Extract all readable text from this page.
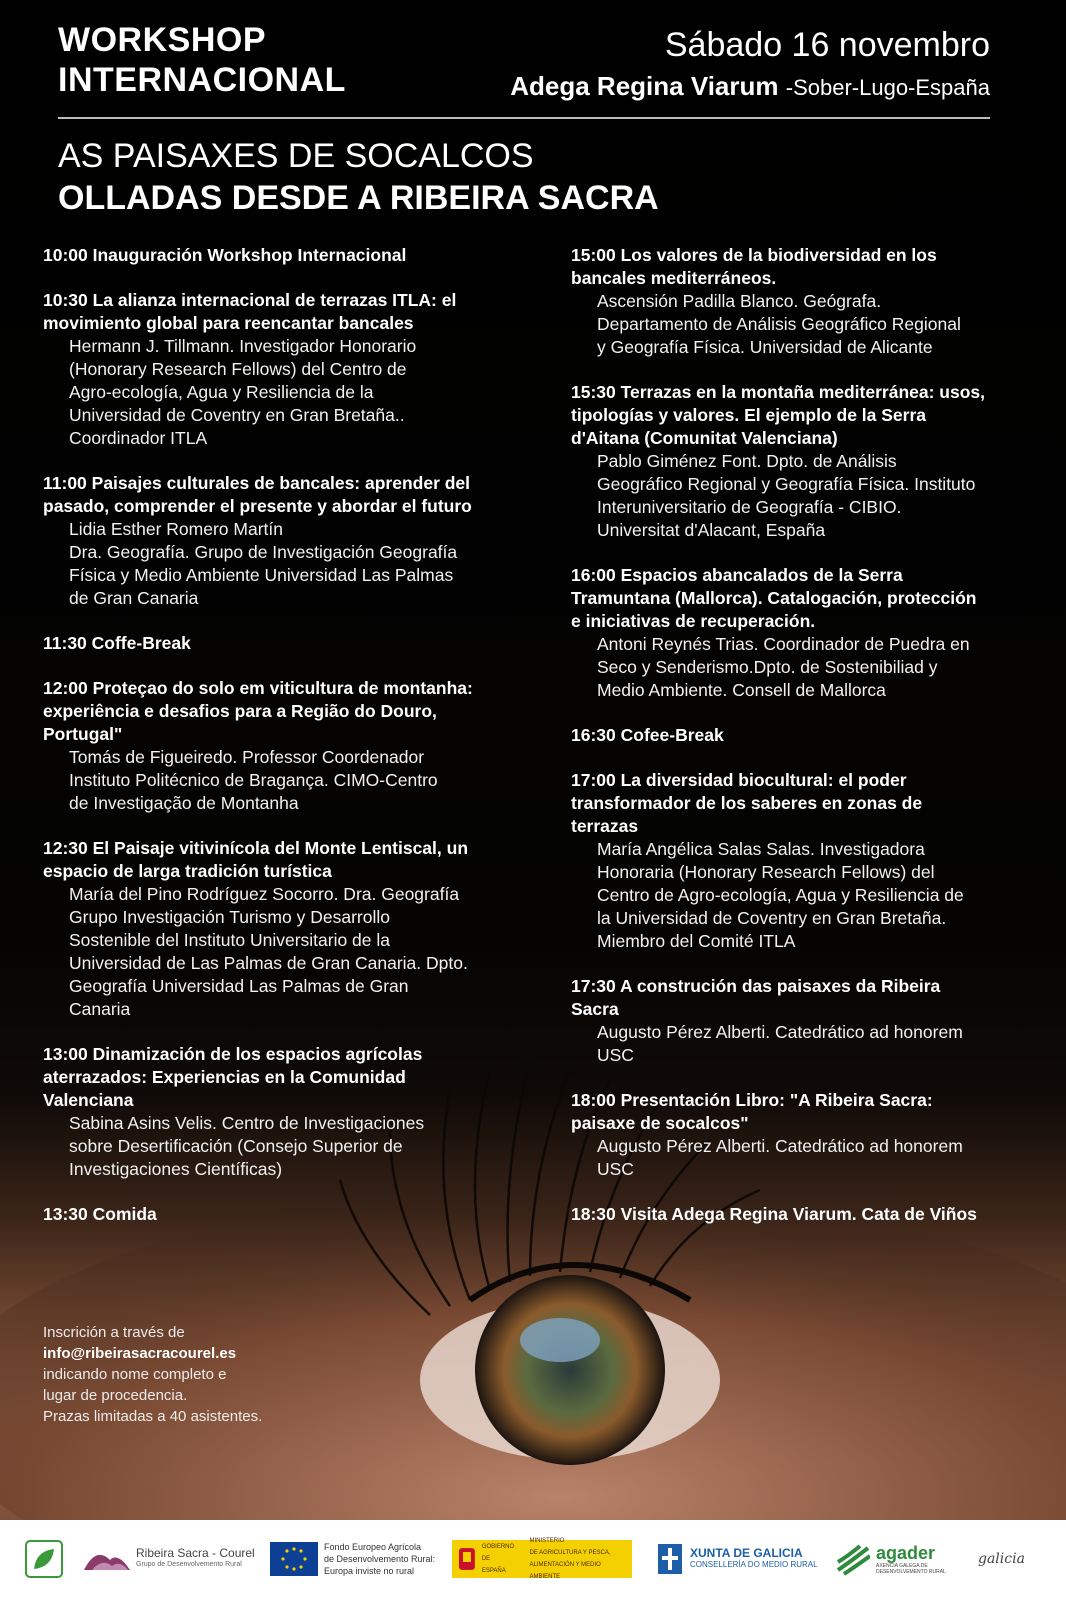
WORKSHOP
INTERNACIONAL
Sábado 16 novembro
Adega Regina Viarum -Sober-Lugo-España
AS PAISAXES DE SOCALCOS
OLLADAS DESDE A RIBEIRA SACRA
10:00 Inauguración Workshop Internacional
10:30 La alianza internacional de terrazas ITLA: el
movimiento global para reencantar bancales
Hermann J. Tillmann. Investigador Honorario
(Honorary Research Fellows) del Centro de
Agro-ecología, Agua y Resiliencia de la
Universidad de Coventry en Gran Bretaña..
Coordinador ITLA
11:00 Paisajes culturales de bancales: aprender del
pasado, comprender el presente y abordar el futuro
Lidia Esther Romero Martín
Dra. Geografía. Grupo de Investigación Geografía
Física y Medio Ambiente Universidad Las Palmas
de Gran Canaria
11:30 Coffe-Break
12:00 Proteçao do solo em viticultura de montanha:
experiência e desafios para a Região do Douro,
Portugal"
Tomás de Figueiredo. Professor Coordenador
Instituto Politécnico de Bragança. CIMO-Centro
de Investigação de Montanha
12:30 El Paisaje vitivinícola del Monte Lentiscal, un
espacio de larga tradición turística
María del Pino Rodríguez Socorro. Dra. Geografía
Grupo Investigación Turismo y Desarrollo
Sostenible del Instituto Universitario de la
Universidad de Las Palmas de Gran Canaria. Dpto.
Geografía Universidad Las Palmas de Gran
Canaria
13:00 Dinamización de los espacios agrícolas
aterrazados: Experiencias en la Comunidad
Valenciana
Sabina Asins Velis. Centro de Investigaciones
sobre Desertificación (Consejo Superior de
Investigaciones Científicas)
13:30 Comida
15:00 Los valores de la biodiversidad en los
bancales mediterráneos.
Ascensión Padilla Blanco. Geógrafa.
Departamento de Análisis Geográfico Regional
y Geografía Física. Universidad de Alicante
15:30 Terrazas en la montaña mediterránea: usos,
tipologías y valores. El ejemplo de la Serra
d'Aitana (Comunitat Valenciana)
Pablo Giménez Font. Dpto. de Análisis
Geográfico Regional y Geografía Física. Instituto
Interuniversitario de Geografía - CIBIO.
Universitat d'Alacant, España
16:00 Espacios abancalados de la Serra
Tramuntana (Mallorca). Catalogación, protección
e iniciativas de recuperación.
Antoni Reynés Trias. Coordinador de Puedra en
Seco y Senderismo.Dpto. de Sostenibiliad y
Medio Ambiente. Consell de Mallorca
16:30 Cofee-Break
17:00 La diversidad biocultural: el poder
transformador de los saberes en zonas de
terrazas
María Angélica Salas Salas. Investigadora
Honoraria (Honorary Research Fellows) del
Centro de Agro-ecología, Agua y Resiliencia de
la Universidad de Coventry en Gran Bretaña.
Miembro del Comité ITLA
17:30 A construción das paisaxes da Ribeira
Sacra
Augusto Pérez Alberti. Catedrático ad honorem
USC
18:00 Presentación Libro: "A Ribeira Sacra:
paisaxe de socalcos"
Augusto Pérez Alberti. Catedrático ad honorem
USC
18:30 Visita Adega Regina Viarum. Cata de Viños
Inscrición a través de
info@ribeirasacracourel.es
indicando nome completo e
lugar de procedencia.
Prazas limitadas a 40 asistentes.
Ribeira Sacra - Courel
Grupo de Desenvolvemento Rural
Fondo Europeo Agrícola
de Desenvolvemento Rural:
Europa inviste no rural
GOBIERNO
DE ESPAÑA
MINISTERIO
DE AGRICULTURA Y PESCA,
ALIMENTACIÓN Y MEDIO AMBIENTE
XUNTA DE GALICIA
CONSELLERÍA DO MEDIO RURAL
agader
AXENCIA GALEGA DE
DESENVOLVEMENTO RURAL
galicia
